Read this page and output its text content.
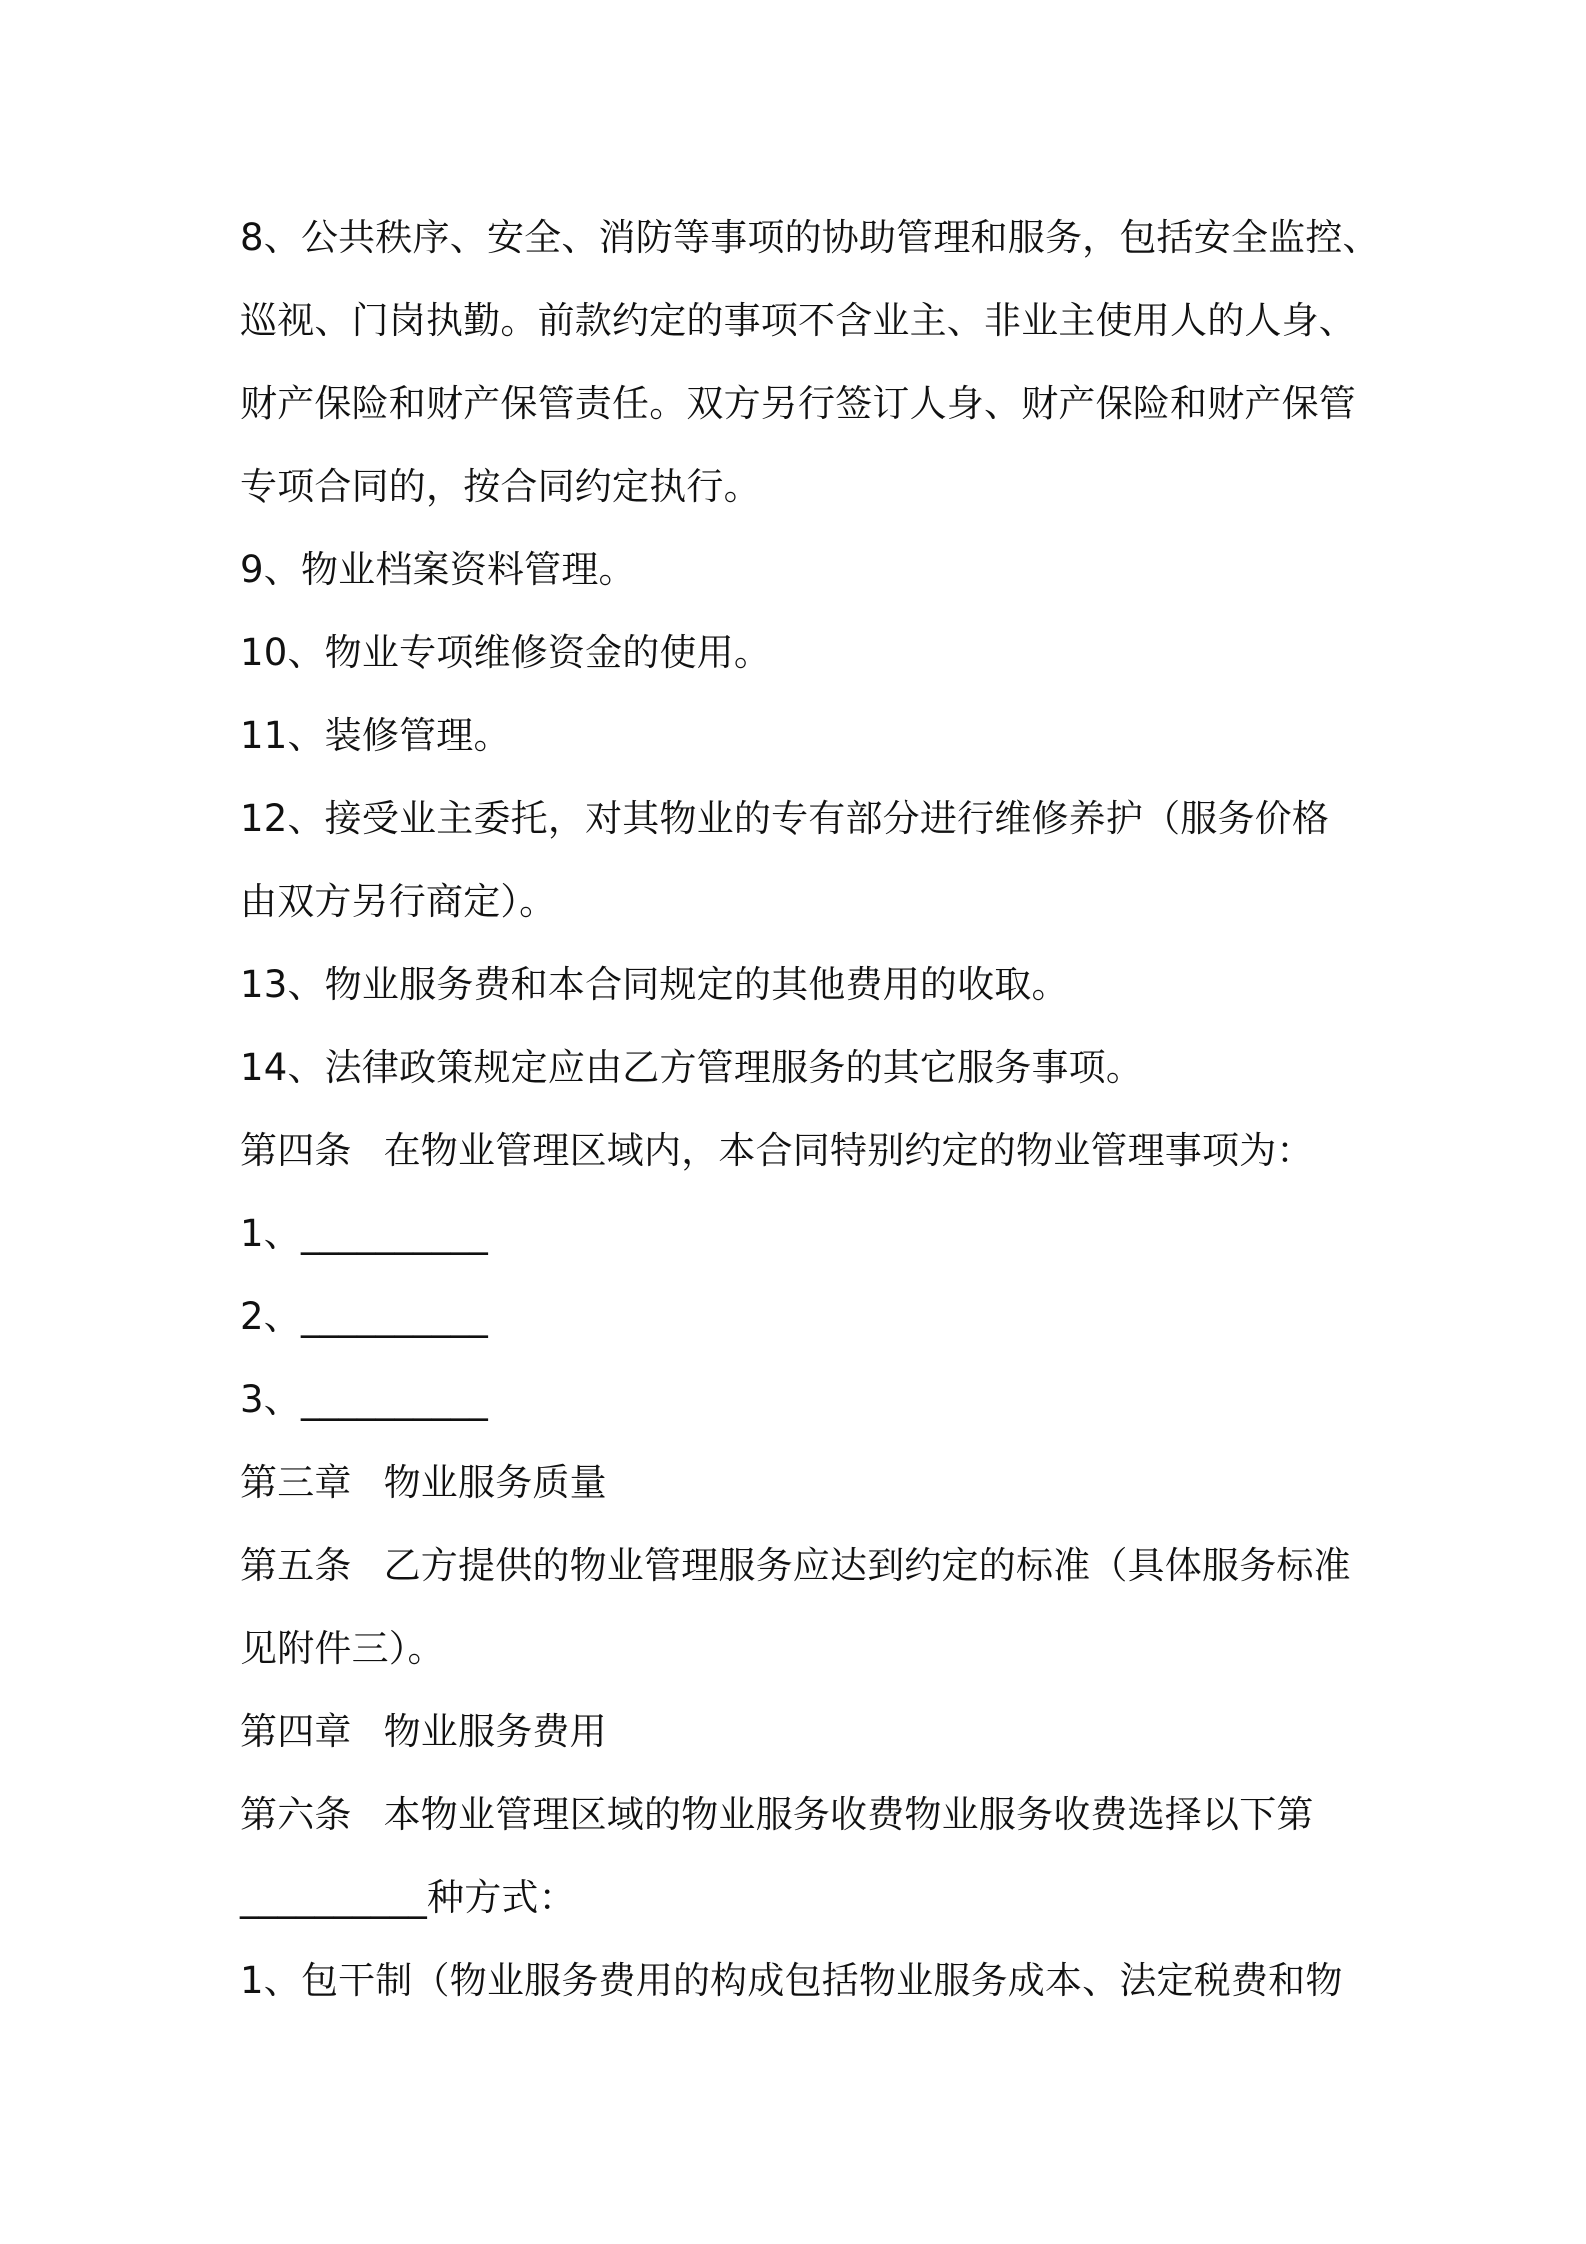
8、公共秩序、安全、消防等事项的协助管理和服务，包括安全监控、
巡视、门岗执勤。前款约定的事项不含业主、非业主使用人的人身、
财产保险和财产保管责任。双方另行签订人身、财产保险和财产保管
专项合同的，按合同约定执行。
9、物业档案资料管理。
10、物业专项维修资金的使用。
11、装修管理。
12、接受业主委托，对其物业的专有部分进行维修养护（服务价格
由双方另行商定）。
13、物业服务费和本合同规定的其他费用的收取。
14、法律政策规定应由乙方管理服务的其它服务事项。
第四条 在物业管理区域内，本合同特别约定的物业管理事项为：
1、__________
2、__________
3、__________
第三章 物业服务质量
第五条 乙方提供的物业管理服务应达到约定的标准（具体服务标准
见附件三）。
第四章 物业服务费用
第六条 本物业管理区域的物业服务收费物业服务收费选择以下第
__________种方式：
1、包干制（物业服务费用的构成包括物业服务成本、法定税费和物
